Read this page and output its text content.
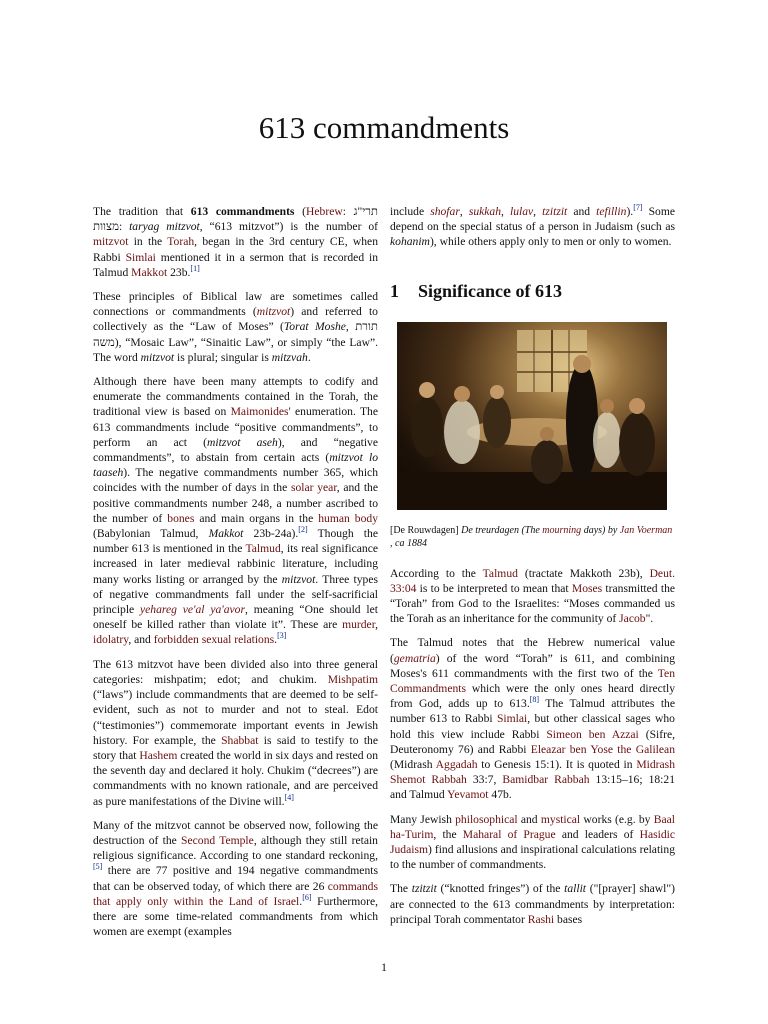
613 commandments

The tradition that 613 commandments (Hebrew: תרי"ג מצוות: taryag mitzvot, “613 mitzvot”) is the number of mitzvot in the Torah, began in the 3rd century CE, when Rabbi Simlai mentioned it in a sermon that is recorded in Talmud Makkot 23b.[1]

These principles of Biblical law are sometimes called connections or commandments (mitzvot) and referred to collectively as the “Law of Moses” (Torat Moshe, תורת משה), “Mosaic Law”, “Sinaitic Law”, or simply “the Law”. The word mitzvot is plural; singular is mitzvah.

Although there have been many attempts to codify and enumerate the commandments contained in the Torah, the traditional view is based on Maimonides' enumeration. The 613 commandments include “positive commandments”, to perform an act (mitzvot aseh), and “negative commandments”, to abstain from certain acts (mitzvot lo taaseh). The negative commandments number 365, which coincides with the number of days in the solar year, and the positive commandments number 248, a number ascribed to the number of bones and main organs in the human body (Babylonian Talmud, Makkot 23b-24a).[2] Though the number 613 is mentioned in the Talmud, its real significance increased in later medieval rabbinic literature, including many works listing or arranged by the mitzvot. Three types of negative commandments fall under the self-sacrificial principle yehareg ve'al ya'avor, meaning “One should let oneself be killed rather than violate it”. These are murder, idolatry, and forbidden sexual relations.[3]

The 613 mitzvot have been divided also into three general categories: mishpatim; edot; and chukim. Mishpatim (“laws”) include commandments that are deemed to be self-evident, such as not to murder and not to steal. Edot (“testimonies”) commemorate important events in Jewish history. For example, the Shabbat is said to testify to the story that Hashem created the world in six days and rested on the seventh day and declared it holy. Chukim (“decrees”) are commandments with no known rationale, and are perceived as pure manifestations of the Divine will.[4]

Many of the mitzvot cannot be observed now, following the destruction of the Second Temple, although they still retain religious significance. According to one standard reckoning,[5] there are 77 positive and 194 negative commandments that can be observed today, of which there are 26 commands that apply only within the Land of Israel.[6] Furthermore, there are some time-related commandments from which women are exempt (examples

include shofar, sukkah, lulav, tzitzit and tefillin).[7] Some depend on the special status of a person in Judaism (such as kohanim), while others apply only to men or only to women.

1 Significance of 613
[De Rouwdagen] De treurdagen (The mourning days) by Jan Voerman , ca 1884

According to the Talmud (tractate Makkoth 23b), Deut. 33:04 is to be interpreted to mean that Moses transmitted the “Torah” from God to the Israelites: “Moses commanded us the Torah as an inheritance for the community of Jacob".

The Talmud notes that the Hebrew numerical value (gematria) of the word “Torah” is 611, and combining Moses's 611 commandments with the first two of the Ten Commandments which were the only ones heard directly from God, adds up to 613.[8] The Talmud attributes the number 613 to Rabbi Simlai, but other classical sages who hold this view include Rabbi Simeon ben Azzai (Sifre, Deuteronomy 76) and Rabbi Eleazar ben Yose the Galilean (Midrash Aggadah to Genesis 15:1). It is quoted in Midrash Shemot Rabbah 33:7, Bamidbar Rabbah 13:15–16; 18:21 and Talmud Yevamot 47b.

Many Jewish philosophical and mystical works (e.g. by Baal ha-Turim, the Maharal of Prague and leaders of Hasidic Judaism) find allusions and inspirational calculations relating to the number of commandments.

The tzitzit (“knotted fringes”) of the tallit ("[prayer] shawl") are connected to the 613 commandments by interpretation: principal Torah commentator Rashi bases

1
